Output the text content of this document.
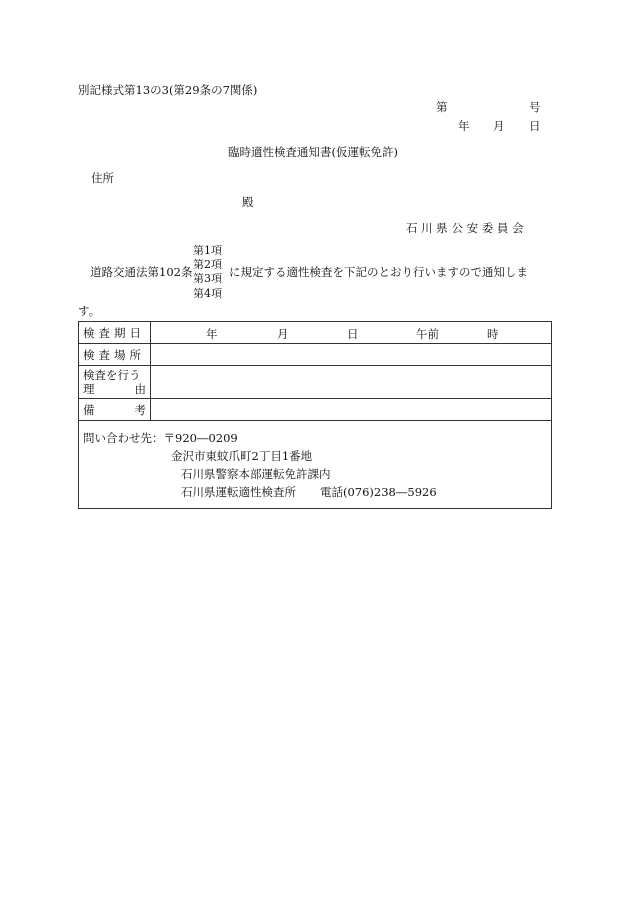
別記様式第13の3(第29条の7関係)
第	号
年 月 日
臨時適性検査通知書(仮運転免許)
住所
殿
石 川 県 公 安 委 員 会
道路交通法第102条
第1項
第2項
第3項
第4項
に規定する適性検査を下記のとおり行いますので通知しま
す。
検査期日	年 月 日 午前 時

検査場所	

検査を行う
理 由	

備 考	

問い合わせ先：〒920―0209
金沢市東蚊爪町2丁目1番地
石川県警察本部運転免許課内
石川県運転適性検査所 電話(076)238―5926	
